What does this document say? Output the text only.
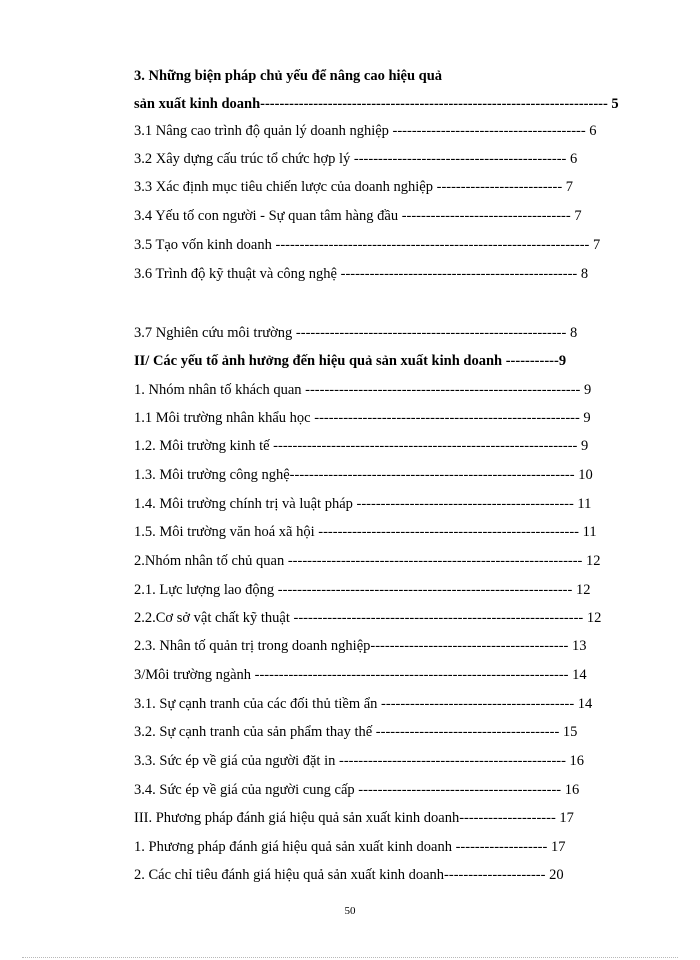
3. Những biện pháp chủ yếu để nâng cao hiệu quả
sản xuất kinh doanh------------------------------------------------------------------------ 5
3.1 Nâng cao trình độ quản lý doanh nghiệp ---------------------------------------- 6
3.2 Xây dựng cấu trúc tổ chức hợp lý -------------------------------------------- 6
3.3 Xác định mục tiêu chiến lược của doanh nghiệp -------------------------- 7
3.4 Yếu tố con người - Sự quan tâm hàng đầu ----------------------------------- 7
3.5 Tạo vốn kinh doanh ----------------------------------------------------------------- 7
3.6 Trình độ kỹ thuật và công nghệ ------------------------------------------------- 8
3.7 Nghiên cứu môi trường -------------------------------------------------------- 8
II/ Các yếu tố ảnh hưởng đến hiệu quả sản xuất kinh doanh -----------9
1. Nhóm nhân tố khách quan --------------------------------------------------------- 9
1.1 Môi trường nhân khẩu học ------------------------------------------------------- 9
1.2. Môi trường kinh tế --------------------------------------------------------------- 9
1.3. Môi trường công nghệ----------------------------------------------------------- 10
1.4. Môi trường chính trị và luật pháp --------------------------------------------- 11
1.5. Môi trường văn hoá xã hội ------------------------------------------------------ 11
2.Nhóm nhân tố chủ quan ------------------------------------------------------------- 12
2.1. Lực lượng lao động ------------------------------------------------------------- 12
2.2.Cơ sở vật chất kỹ thuật ------------------------------------------------------------ 12
2.3. Nhân tố quản trị trong doanh nghiệp----------------------------------------- 13
3/Môi trường ngành ----------------------------------------------------------------- 14
3.1. Sự cạnh tranh của các đối thủ tiềm ẩn ---------------------------------------- 14
3.2. Sự cạnh tranh của sản phẩm thay thế -------------------------------------- 15
3.3. Sức ép về giá của người đặt in ----------------------------------------------- 16
3.4. Sức ép về giá của người cung cấp ------------------------------------------ 16
III. Phương pháp đánh giá hiệu quả sản xuất kinh doanh-------------------- 17
1. Phương pháp đánh giá hiệu quả sản xuất kinh doanh ------------------- 17
2. Các chỉ tiêu đánh giá hiệu quả sản xuất kinh doanh--------------------- 20
50
